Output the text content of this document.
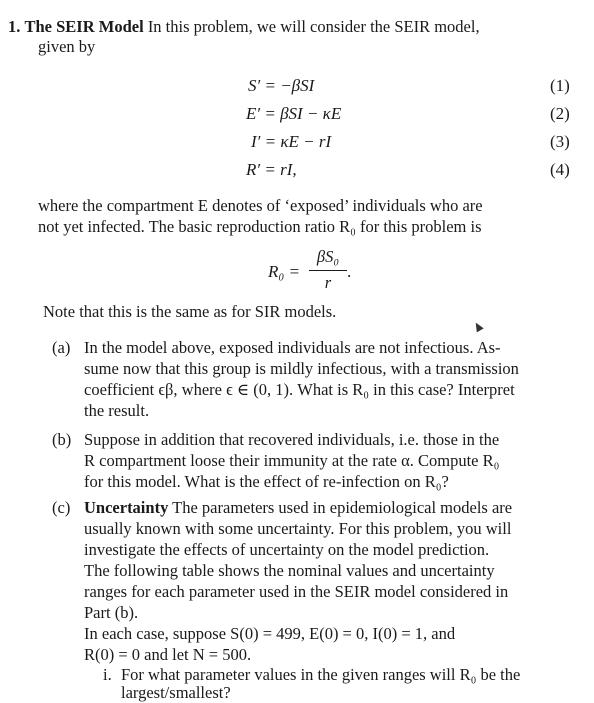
1. The SEIR Model In this problem, we will consider the SEIR model,
given by
S′ = −βSI	(1)
E′ = βSI − κE	(2)
I′ = κE − rI	(3)
R′ = rI,	(4)
where the compartment E denotes of ‘exposed’ individuals who are
not yet infected. The basic reproduction ratio R₀ for this problem is
R₀ =
βS₀
r
.
Note that this is the same as for SIR models.
(a) In the model above, exposed individuals are not infectious. As-
sume now that this group is mildly infectious, with a transmission
coefficient ϵβ, where ϵ ∈ (0, 1). What is R₀ in this case? Interpret
the result.
(b) Suppose in addition that recovered individuals, i.e. those in the
R compartment loose their immunity at the rate α. Compute R₀
for this model. What is the effect of re-infection on R₀?
(c) Uncertainty The parameters used in epidemiological models are
usually known with some uncertainty. For this problem, you will
investigate the effects of uncertainty on the model prediction.
The following table shows the nominal values and uncertainty
ranges for each parameter used in the SEIR model considered in
Part (b).
In each case, suppose S(0) = 499, E(0) = 0, I(0) = 1, and
R(0) = 0 and let N = 500.
i. For what parameter values in the given ranges will R₀ be the
largest/smallest?
